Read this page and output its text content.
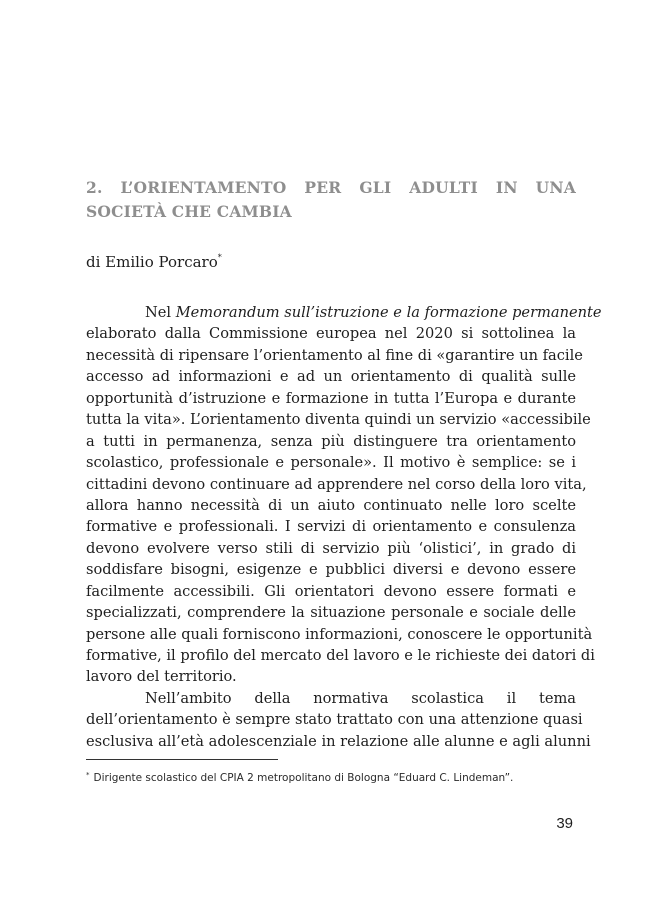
2. L’ORIENTAMENTO PER GLI ADULTI IN UNA
SOCIETÀ CHE CAMBIA

di Emilio Porcaro*

Nel Memorandum sull’istruzione e la formazione permanente
elaborato dalla Commissione europea nel 2020 si sottolinea la
necessità di ripensare l’orientamento al fine di «garantire un facile
accesso ad informazioni e ad un orientamento di qualità sulle
opportunità d’istruzione e formazione in tutta l’Europa e durante
tutta la vita». L’orientamento diventa quindi un servizio «accessibile
a tutti in permanenza, senza più distinguere tra orientamento
scolastico, professionale e personale». Il motivo è semplice: se i
cittadini devono continuare ad apprendere nel corso della loro vita,
allora hanno necessità di un aiuto continuato nelle loro scelte
formative e professionali. I servizi di orientamento e consulenza
devono evolvere verso stili di servizio più ‘olistici’, in grado di
soddisfare bisogni, esigenze e pubblici diversi e devono essere
facilmente accessibili. Gli orientatori devono essere formati e
specializzati, comprendere la situazione personale e sociale delle
persone alle quali forniscono informazioni, conoscere le opportunità
formative, il profilo del mercato del lavoro e le richieste dei datori di
lavoro del territorio.
Nell’ambito della normativa scolastica il tema
dell’orientamento è sempre stato trattato con una attenzione quasi
esclusiva all’età adolescenziale in relazione alle alunne e agli alunni

* Dirigente scolastico del CPIA 2 metropolitano di Bologna “Eduard C. Lindeman”.

39
